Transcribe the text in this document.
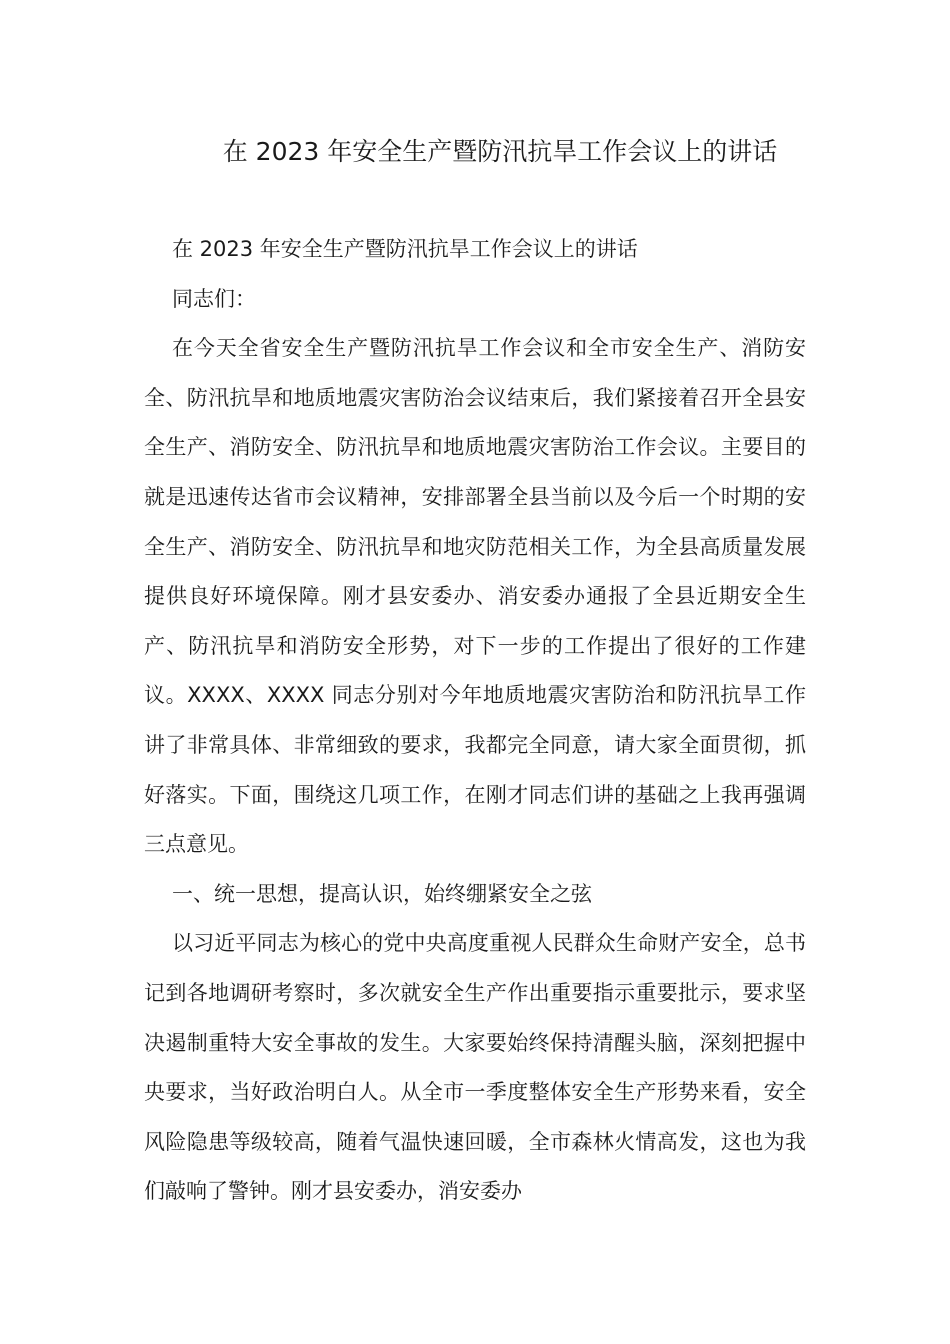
在 2023 年安全生产暨防汛抗旱工作会议上的讲话

在 2023 年安全生产暨防汛抗旱工作会议上的讲话

同志们：

在今天全省安全生产暨防汛抗旱工作会议和全市安全生产、消防安全、防汛抗旱和地质地震灾害防治会议结束后，我们紧接着召开全县安全生产、消防安全、防汛抗旱和地质地震灾害防治工作会议。主要目的就是迅速传达省市会议精神，安排部署全县当前以及今后一个时期的安全生产、消防安全、防汛抗旱和地灾防范相关工作，为全县高质量发展提供良好环境保障。刚才县安委办、消安委办通报了全县近期安全生产、防汛抗旱和消防安全形势，对下一步的工作提出了很好的工作建议。XXXX、XXXX 同志分别对今年地质地震灾害防治和防汛抗旱工作讲了非常具体、非常细致的要求，我都完全同意，请大家全面贯彻，抓好落实。下面，围绕这几项工作，在刚才同志们讲的基础之上我再强调三点意见。

一、统一思想，提高认识，始终绷紧安全之弦

以习近平同志为核心的党中央高度重视人民群众生命财产安全，总书记到各地调研考察时，多次就安全生产作出重要指示重要批示，要求坚决遏制重特大安全事故的发生。大家要始终保持清醒头脑，深刻把握中央要求，当好政治明白人。从全市一季度整体安全生产形势来看，安全风险隐患等级较高，随着气温快速回暖，全市森林火情高发，这也为我们敲响了警钟。刚才县安委办，消安委办
